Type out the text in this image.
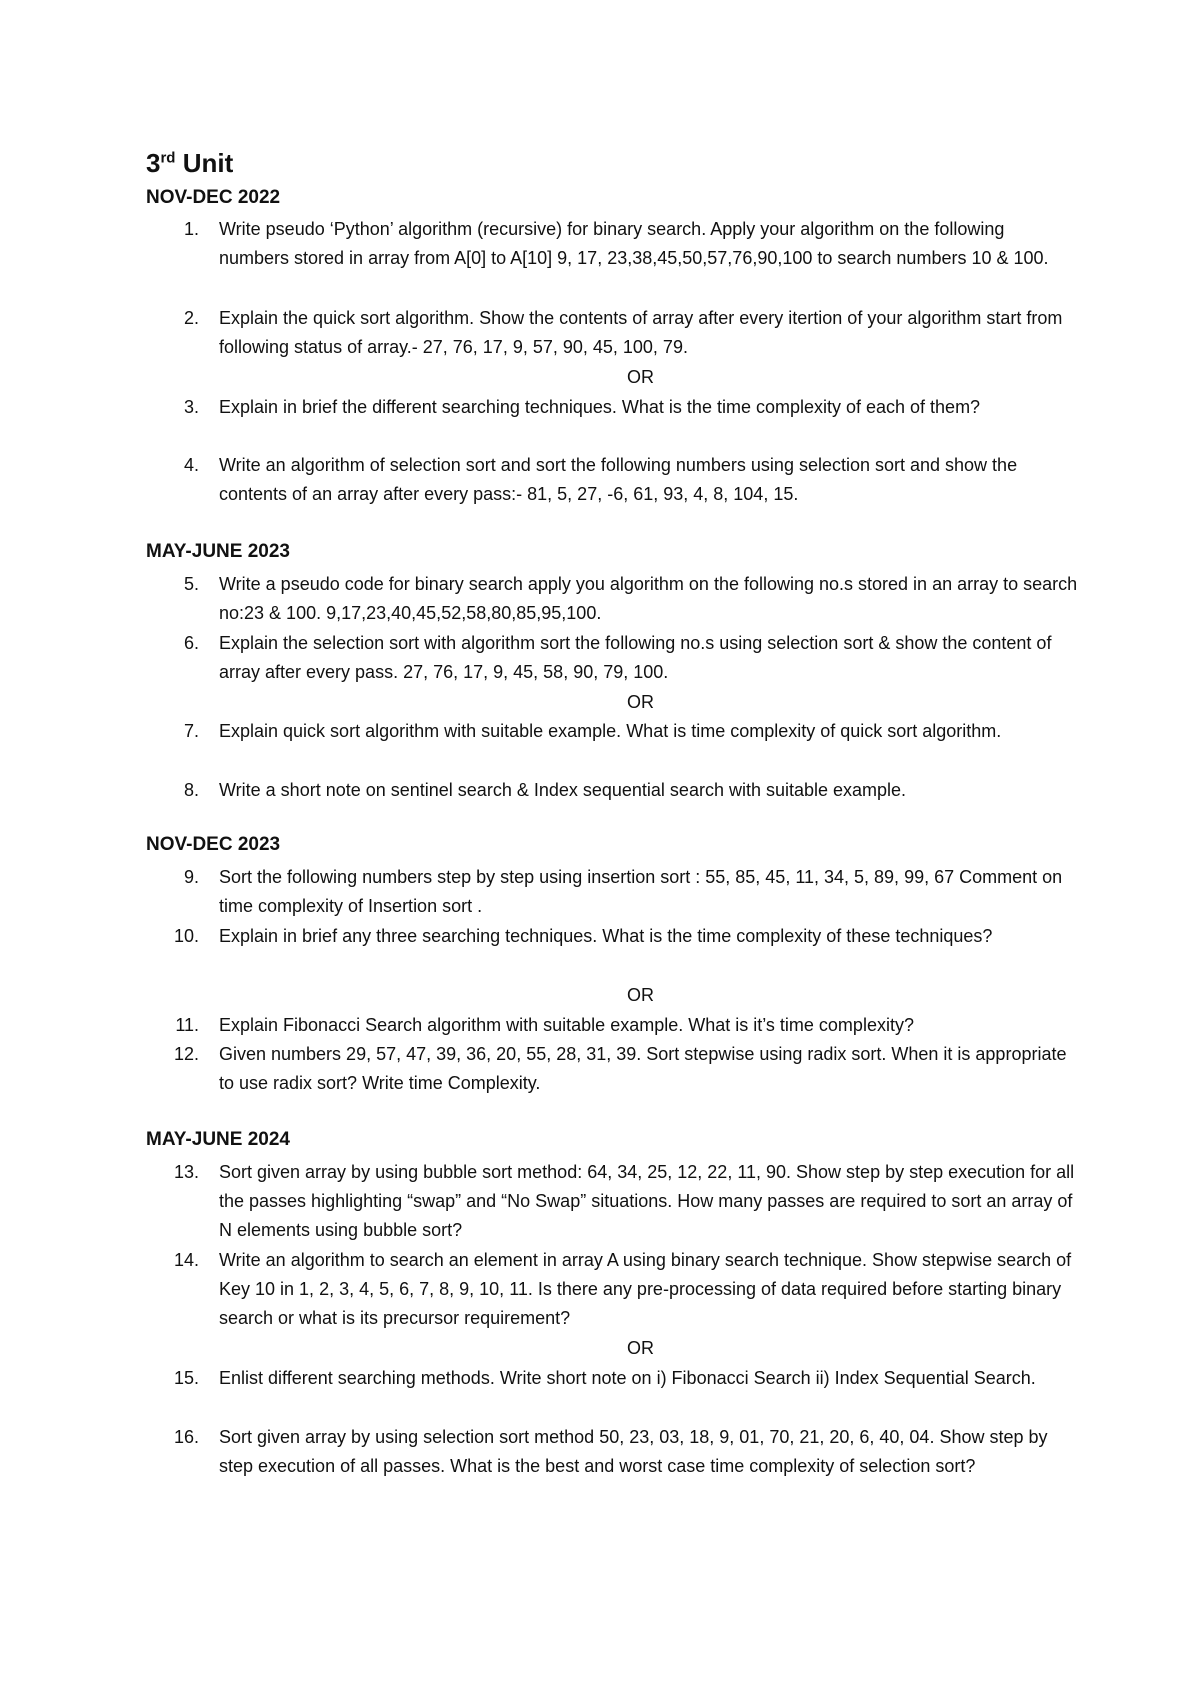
3rd Unit
NOV-DEC 2022
1. Write pseudo ‘Python’ algorithm (recursive) for binary search. Apply your algorithm on the following numbers stored in array from A[0] to A[10] 9, 17, 23,38,45,50,57,76,90,100 to search numbers 10 & 100.
2. Explain the quick sort algorithm. Show the contents of array after every itertion of your algorithm start from following status of array.- 27, 76, 17, 9, 57, 90, 45, 100, 79.
OR
3. Explain in brief the different searching techniques. What is the time complexity of each of them?
4. Write an algorithm of selection sort and sort the following numbers using selection sort and show the contents of an array after every pass:- 81, 5, 27, -6, 61, 93, 4, 8, 104, 15.
MAY-JUNE 2023
5. Write a pseudo code for binary search apply you algorithm on the following no.s stored in an array to search no:23 & 100. 9,17,23,40,45,52,58,80,85,95,100.
6. Explain the selection sort with algorithm sort the following no.s using selection sort & show the content of array after every pass. 27, 76, 17, 9, 45, 58, 90, 79, 100.
OR
7. Explain quick sort algorithm with suitable example. What is time complexity of quick sort algorithm.
8. Write a short note on sentinel search & Index sequential search with suitable example.
NOV-DEC 2023
9. Sort the following numbers step by step using insertion sort : 55, 85, 45, 11, 34, 5, 89, 99, 67 Comment on time complexity of Insertion sort .
10. Explain in brief any three searching techniques. What is the time complexity of these techniques?
OR
11. Explain Fibonacci Search algorithm with suitable example. What is it’s time complexity?
12. Given numbers 29, 57, 47, 39, 36, 20, 55, 28, 31, 39. Sort stepwise using radix sort. When it is appropriate to use radix sort? Write time Complexity.
MAY-JUNE 2024
13. Sort given array by using bubble sort method: 64, 34, 25, 12, 22, 11, 90. Show step by step execution for all the passes highlighting “swap” and “No Swap” situations. How many passes are required to sort an array of N elements using bubble sort?
14. Write an algorithm to search an element in array A using binary search technique. Show stepwise search of Key 10 in 1, 2, 3, 4, 5, 6, 7, 8, 9, 10, 11. Is there any pre-processing of data required before starting binary search or what is its precursor requirement?
OR
15. Enlist different searching methods. Write short note on i) Fibonacci Search ii) Index Sequential Search.
16. Sort given array by using selection sort method 50, 23, 03, 18, 9, 01, 70, 21, 20, 6, 40, 04. Show step by step execution of all passes. What is the best and worst case time complexity of selection sort?
